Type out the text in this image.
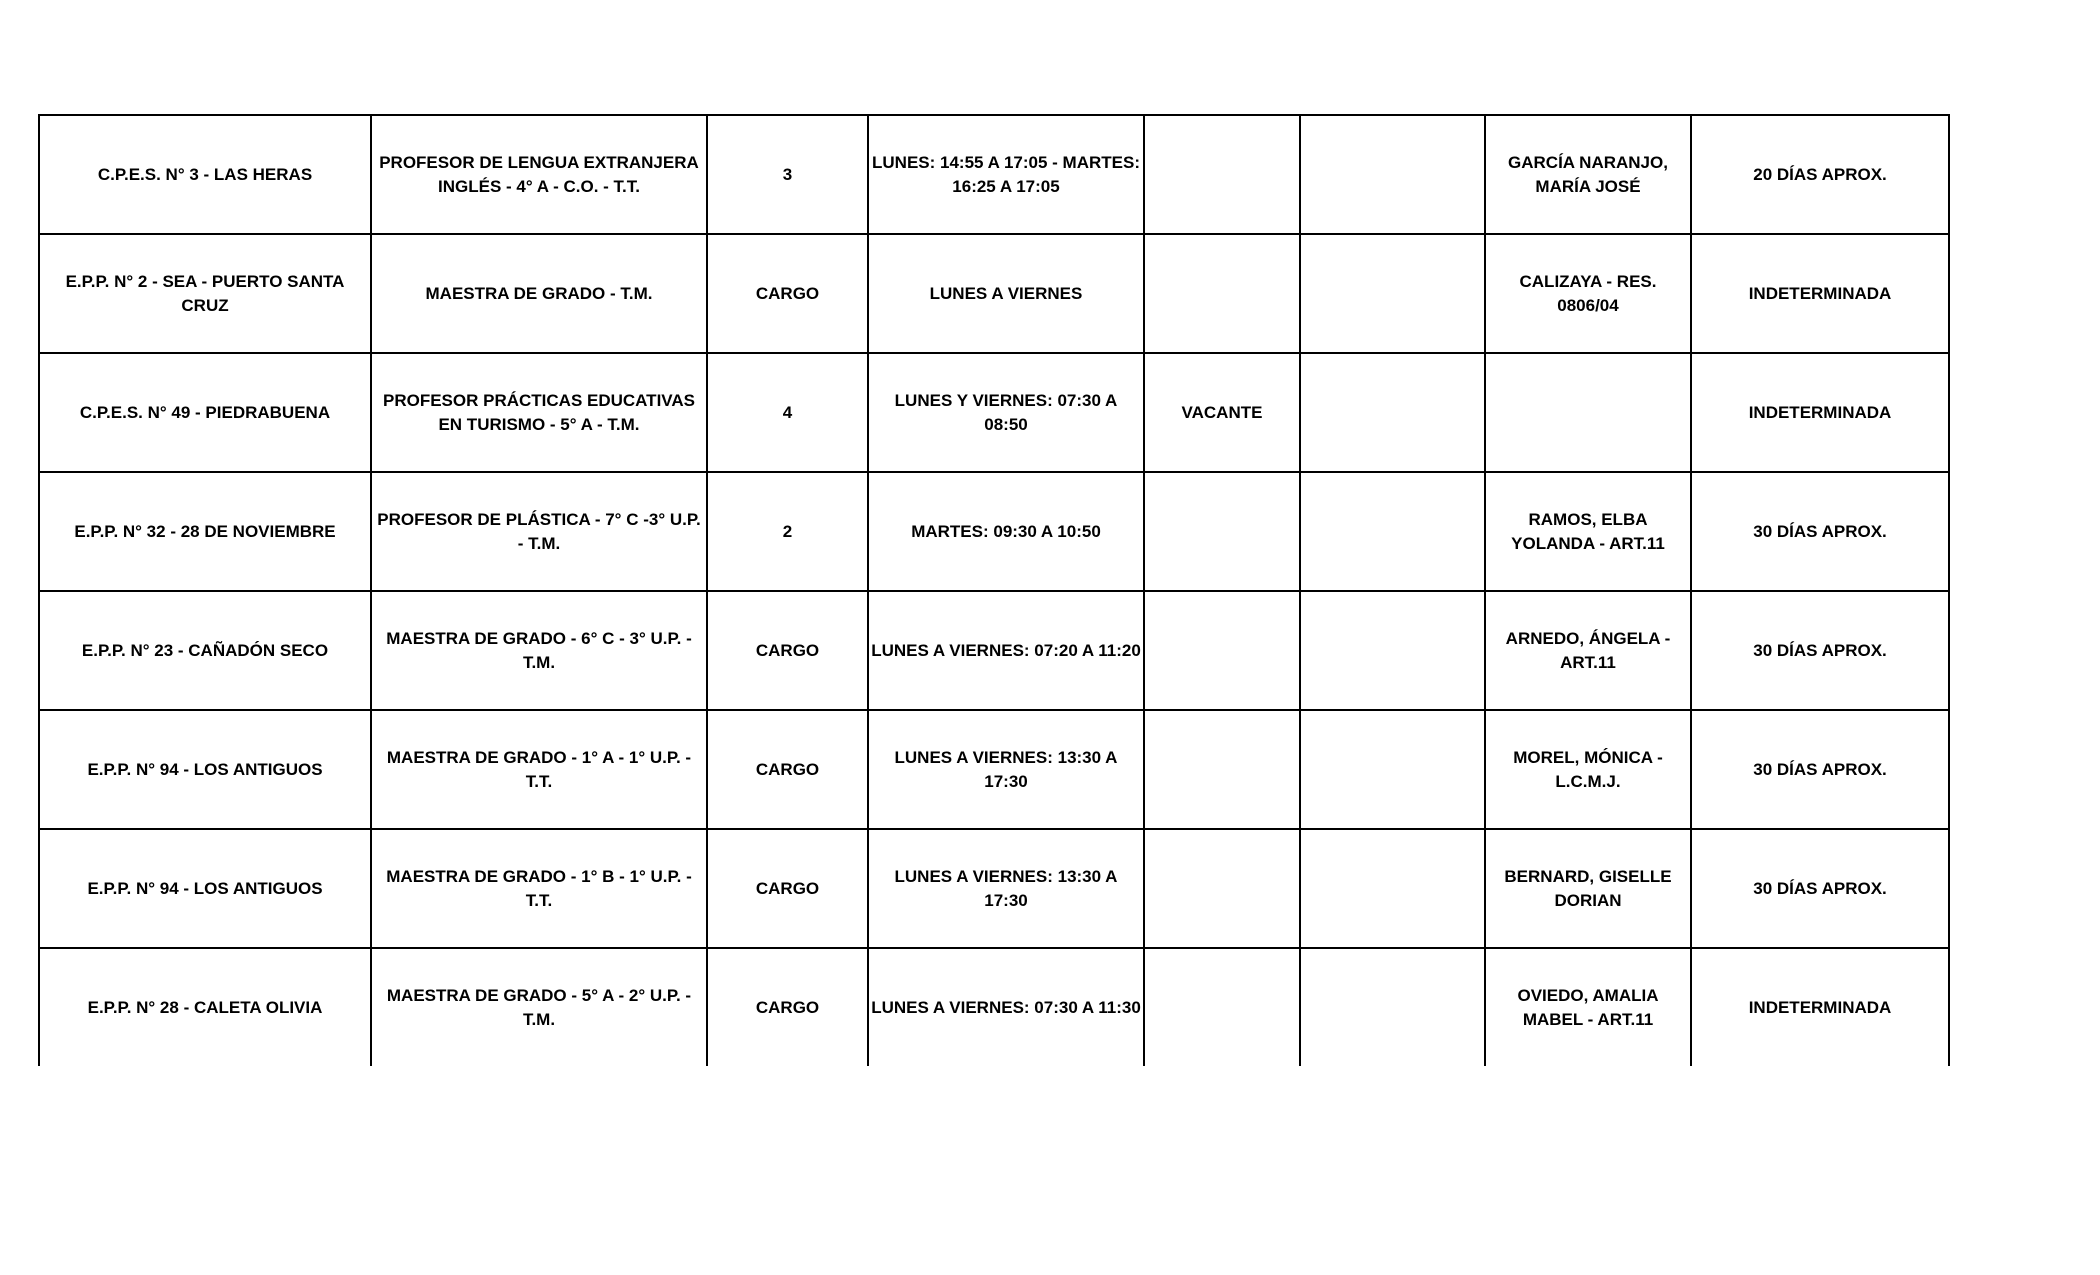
C.P.E.S. N° 3 - LAS HERAS	PROFESOR DE LENGUA EXTRANJERA INGLÉS - 4° A - C.O. - T.T.	3	LUNES: 14:55 A 17:05 - MARTES: 16:25 A 17:05			GARCÍA NARANJO, MARÍA JOSÉ	20 DÍAS APROX.
E.P.P. N° 2 - SEA - PUERTO SANTA CRUZ	MAESTRA DE GRADO - T.M.	CARGO	LUNES A VIERNES			CALIZAYA - RES. 0806/04	INDETERMINADA
C.P.E.S. N° 49 - PIEDRABUENA	PROFESOR PRÁCTICAS EDUCATIVAS EN TURISMO - 5° A - T.M.	4	LUNES Y VIERNES: 07:30 A 08:50	VACANTE			INDETERMINADA
E.P.P. N° 32 - 28 DE NOVIEMBRE	PROFESOR DE PLÁSTICA - 7° C -3° U.P. - T.M.	2	MARTES: 09:30 A 10:50			RAMOS, ELBA YOLANDA - ART.11	30 DÍAS APROX.
E.P.P. N° 23 - CAÑADÓN SECO	MAESTRA DE GRADO - 6° C - 3° U.P. - T.M.	CARGO	LUNES A VIERNES: 07:20 A 11:20			ARNEDO, ÁNGELA - ART.11	30 DÍAS APROX.
E.P.P. N° 94 - LOS ANTIGUOS	MAESTRA DE GRADO - 1° A - 1° U.P. - T.T.	CARGO	LUNES A VIERNES: 13:30 A 17:30			MOREL, MÓNICA - L.C.M.J.	30 DÍAS APROX.
E.P.P. N° 94 - LOS ANTIGUOS	MAESTRA DE GRADO - 1° B - 1° U.P. - T.T.	CARGO	LUNES A VIERNES: 13:30 A 17:30			BERNARD, GISELLE DORIAN	30 DÍAS APROX.
E.P.P. N° 28 - CALETA OLIVIA	MAESTRA DE GRADO - 5° A - 2° U.P. - T.M.	CARGO	LUNES A VIERNES: 07:30 A 11:30			OVIEDO, AMALIA MABEL - ART.11	INDETERMINADA
